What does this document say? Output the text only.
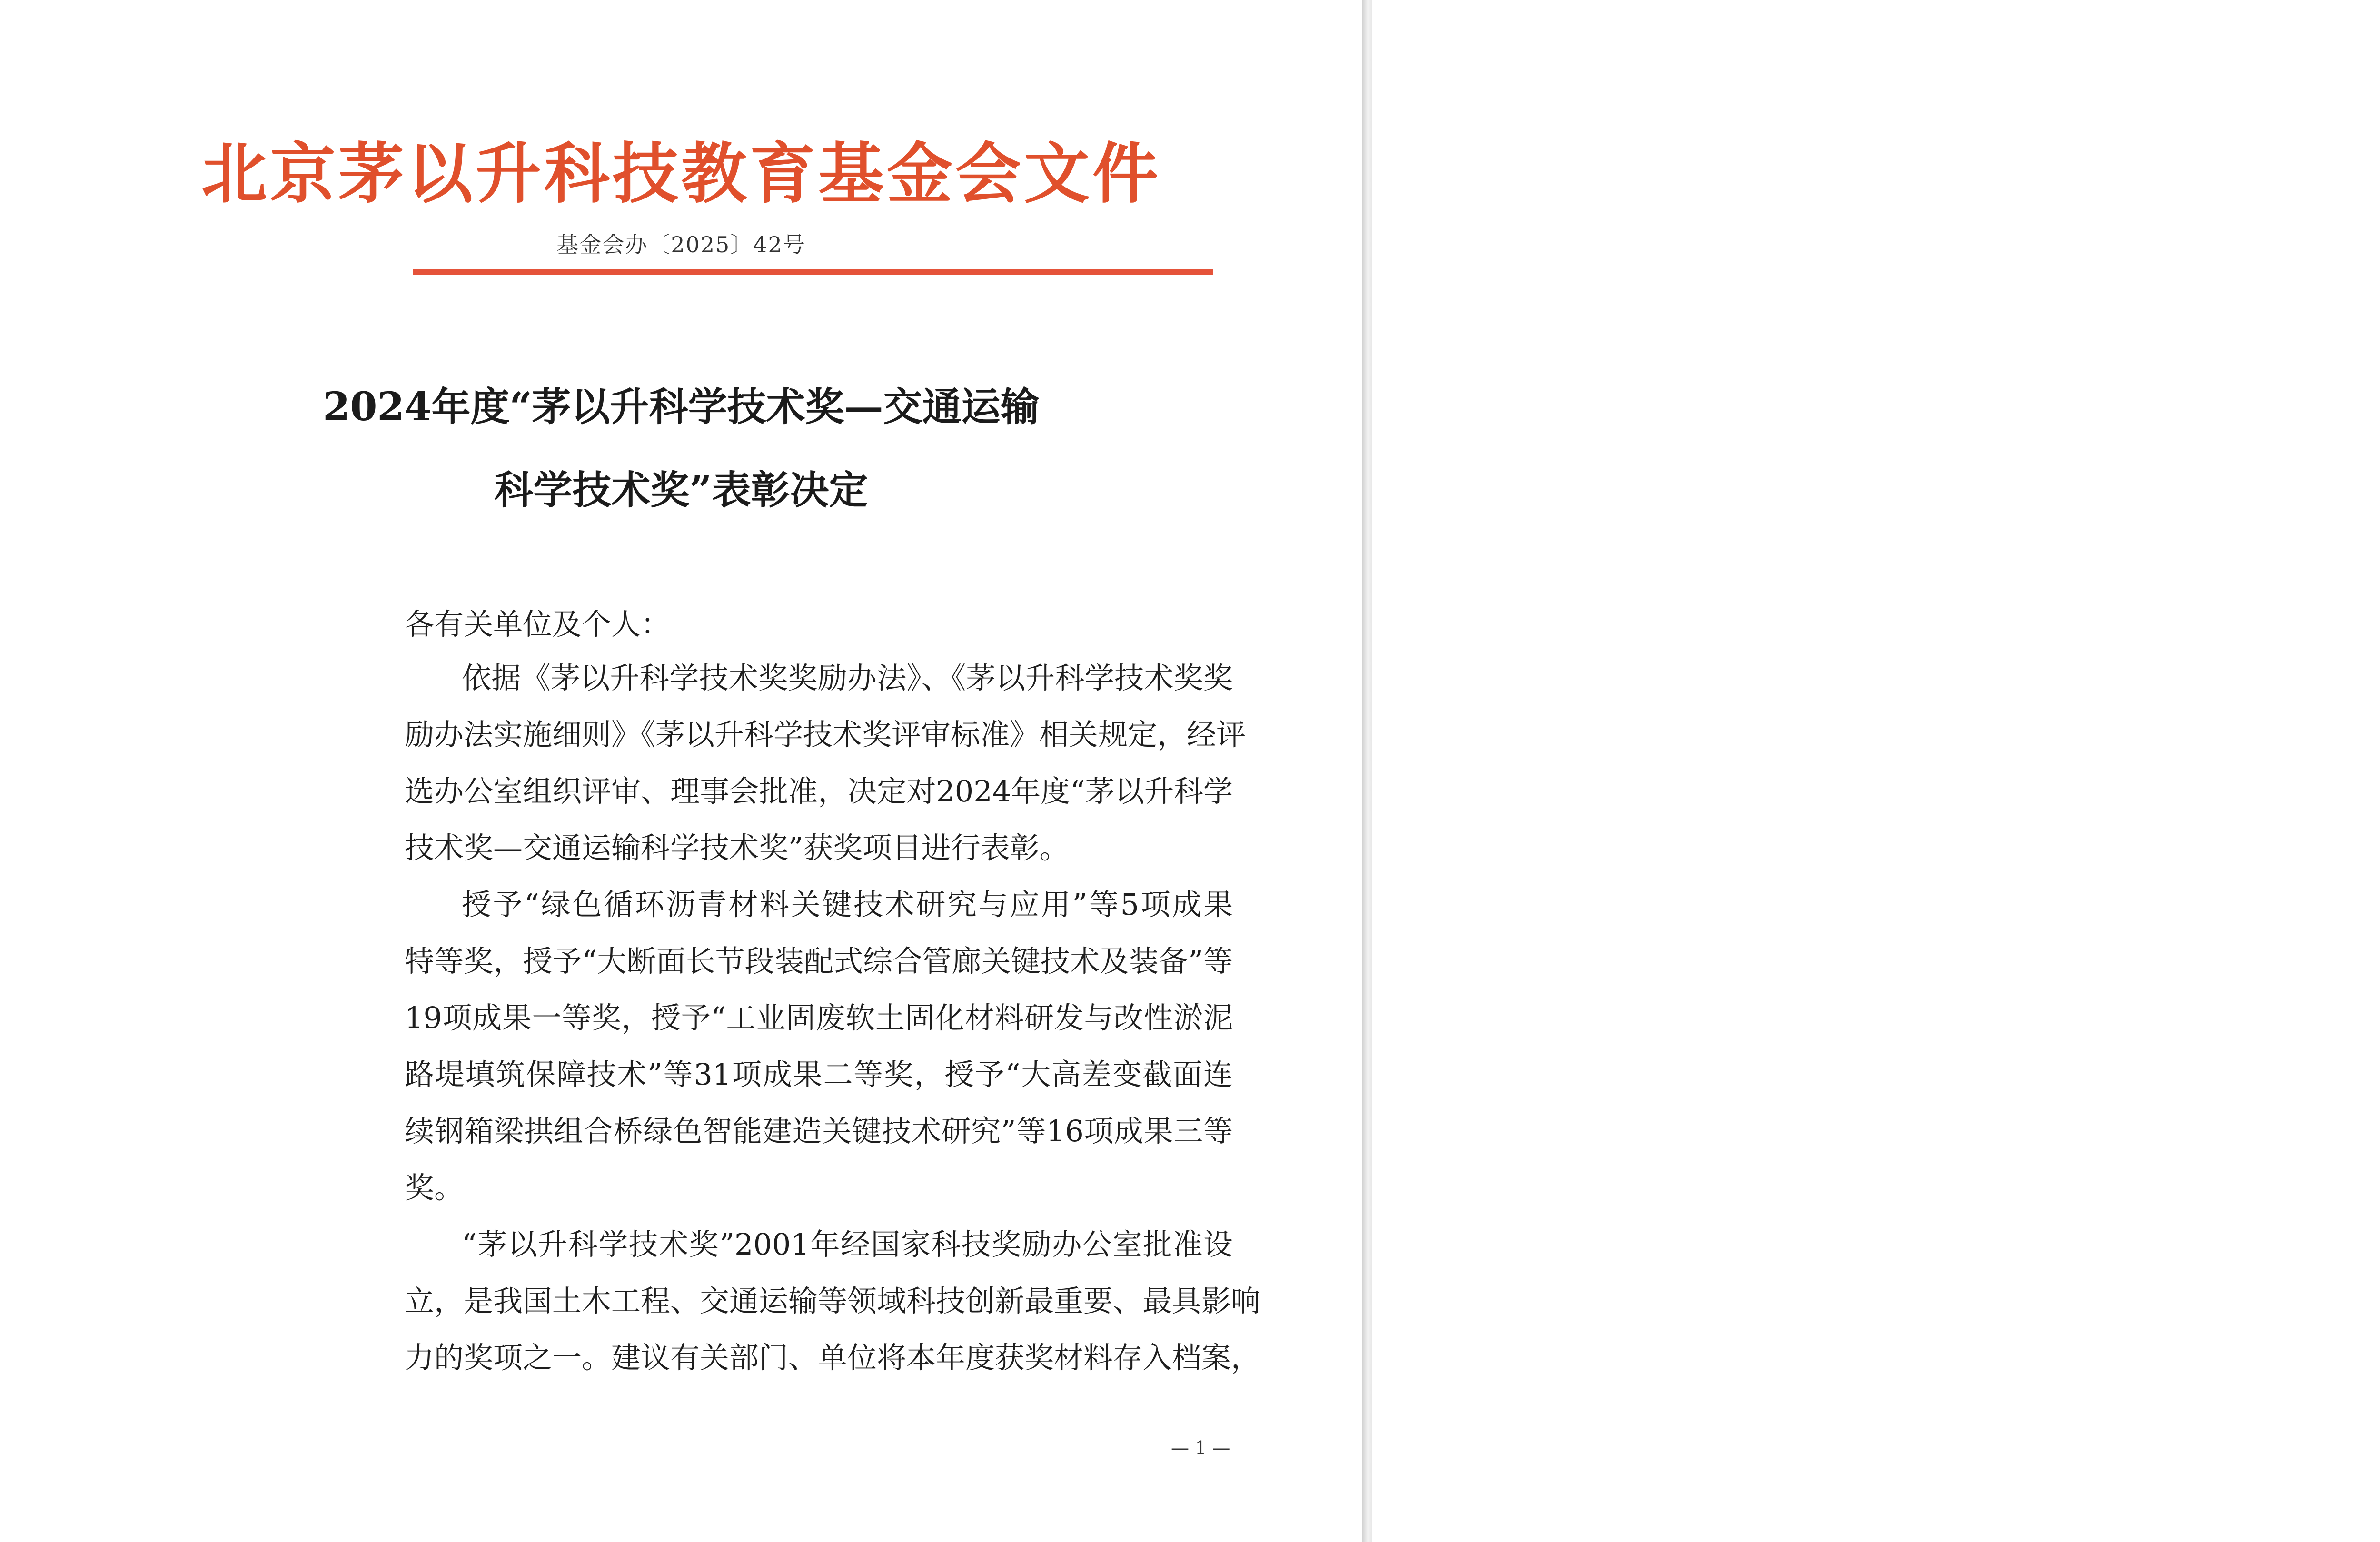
北京茅以升科技教育基金会文件
基金会办〔2025〕42号
2024年度“茅以升科学技术奖—交通运输
科学技术奖”表彰决定
各有关单位及个人：
依据《茅以升科学技术奖奖励办法》、《茅以升科学技术奖奖
励办法实施细则》《茅以升科学技术奖评审标准》相关规定，经评
选办公室组织评审、理事会批准，决定对2024年度“茅以升科学
技术奖—交通运输科学技术奖”获奖项目进行表彰。
授予“绿色循环沥青材料关键技术研究与应用”等5项成果
特等奖，授予“大断面长节段装配式综合管廊关键技术及装备”等
19项成果一等奖，授予“工业固废软土固化材料研发与改性淤泥
路堤填筑保障技术”等31项成果二等奖，授予“大高差变截面连
续钢箱梁拱组合桥绿色智能建造关键技术研究”等16项成果三等
奖。
“茅以升科学技术奖”2001年经国家科技奖励办公室批准设
立，是我国土木工程、交通运输等领域科技创新最重要、最具影响
力的奖项之一。建议有关部门、单位将本年度获奖材料存入档案，
— 1 —
